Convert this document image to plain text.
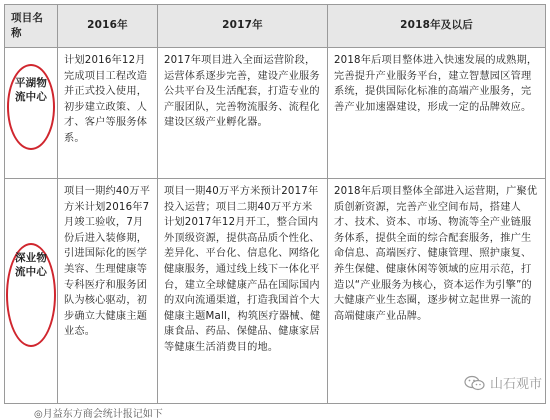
项目名称	2016年	2017年	2018年及以后

平湖物流中心	计划2016年12月完成项目工程改造并正式投入使用，初步建立政策、人才、客户等服务体系。	2017年项目进入全面运营阶段，运营体系逐步完善，建设产业服务公共平台及生活配套，打造专业的产服团队，完善物流服务、流程化建设区级产业孵化器。	2018年后项目整体进入快速发展的成熟期，完善提升产业服务平台，建立智慧园区管理系统，提供国际化标准的高端产业服务，完善产业加速器建设，形成一定的品牌效应。

深业物流中心	项目一期约40万平方米计划2016年7月竣工验收，7月份后进入装修期，引进国际化的医学美容、生理健康等专科医疗和服务团队为核心驱动，初步确立大健康主题业态。	项目一期40万平方米预计2017年投入运营；项目二期40万平方米计划2017年12月开工，整合国内外顶级资源，提供高品质个性化、差异化、平台化、信息化、网络化健康服务，通过线上线下一体化平台，建立全球健康产品在国际国内的双向流通渠道，打造我国首个大健康主题Mall，构筑医疗器械、健康食品、药品、保健品、健康家居等健康生活消费目的地。	2018年后项目整体全部进入运营期，广聚优质创新资源，完善产业空间布局，搭建人才、技术、资本、市场、物流等全产业链服务体系，提供全面的综合配套服务，推广生命信息、高端医疗、健康管理、照护康复、养生保健、健康休闲等领域的应用示范，打造以“产业服务为核心，资本运作为引擎”的大健康产业生态圈，逐步树立起世界一流的高端健康产业品牌。
山石观市
◎月益东方商会统计报记如下
